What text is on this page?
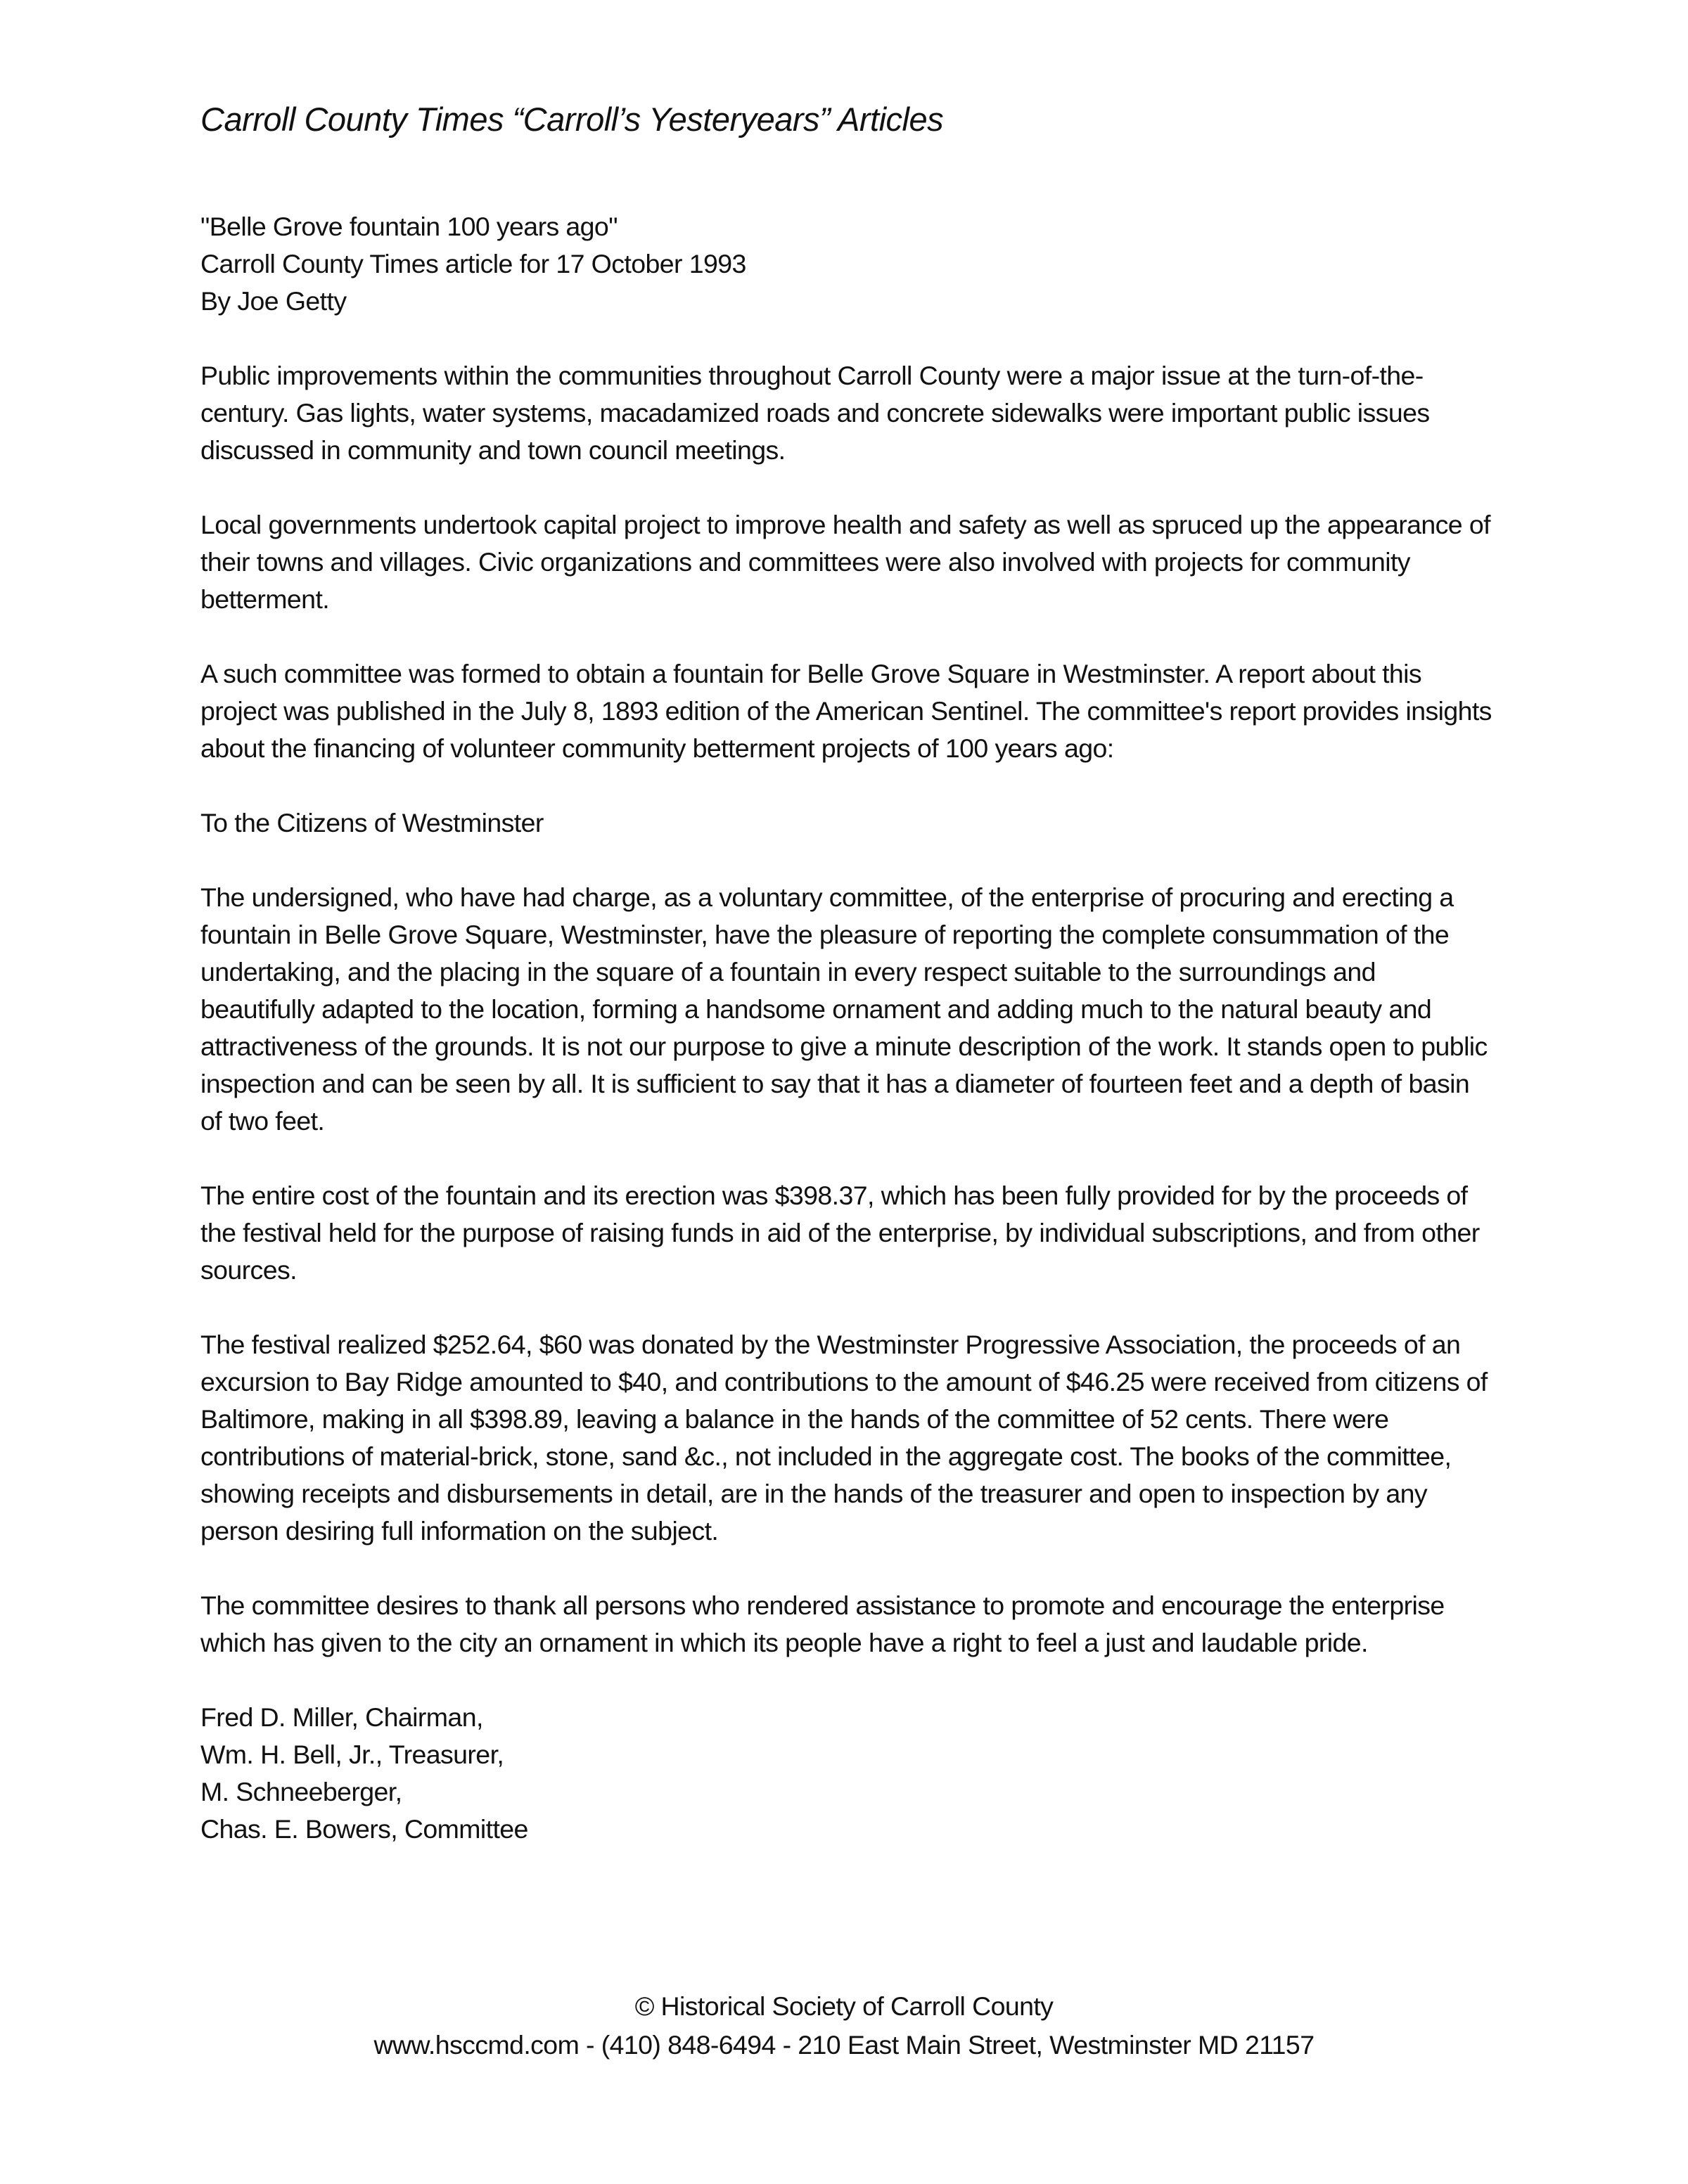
Carroll County Times “Carroll’s Yesteryears” Articles

"Belle Grove fountain 100 years ago"

Carroll County Times article for 17 October 1993

By Joe Getty

Public improvements within the communities throughout Carroll County were a major issue at the turn-of-the-century. Gas lights, water systems, macadamized roads and concrete sidewalks were important public issues discussed in community and town council meetings.

Local governments undertook capital project to improve health and safety as well as spruced up the appearance of their towns and villages. Civic organizations and committees were also involved with projects for community betterment.

A such committee was formed to obtain a fountain for Belle Grove Square in Westminster. A report about this project was published in the July 8, 1893 edition of the American Sentinel. The committee's report provides insights about the financing of volunteer community betterment projects of 100 years ago:

To the Citizens of Westminster

The undersigned, who have had charge, as a voluntary committee, of the enterprise of procuring and erecting a fountain in Belle Grove Square, Westminster, have the pleasure of reporting the complete consummation of the undertaking, and the placing in the square of a fountain in every respect suitable to the surroundings and beautifully adapted to the location, forming a handsome ornament and adding much to the natural beauty and attractiveness of the grounds. It is not our purpose to give a minute description of the work. It stands open to public inspection and can be seen by all. It is sufficient to say that it has a diameter of fourteen feet and a depth of basin of two feet.

The entire cost of the fountain and its erection was $398.37, which has been fully provided for by the proceeds of the festival held for the purpose of raising funds in aid of the enterprise, by individual subscriptions, and from other sources.

The festival realized $252.64, $60 was donated by the Westminster Progressive Association, the proceeds of an excursion to Bay Ridge amounted to $40, and contributions to the amount of $46.25 were received from citizens of Baltimore, making in all $398.89, leaving a balance in the hands of the committee of 52 cents. There were contributions of material-brick, stone, sand &c., not included in the aggregate cost. The books of the committee, showing receipts and disbursements in detail, are in the hands of the treasurer and open to inspection by any person desiring full information on the subject.

The committee desires to thank all persons who rendered assistance to promote and encourage the enterprise which has given to the city an ornament in which its people have a right to feel a just and laudable pride.

Fred D. Miller, Chairman,

Wm. H. Bell, Jr., Treasurer,

M. Schneeberger,

Chas. E. Bowers, Committee

© Historical Society of Carroll County
www.hsccmd.com - (410) 848-6494 - 210 East Main Street, Westminster MD 21157
